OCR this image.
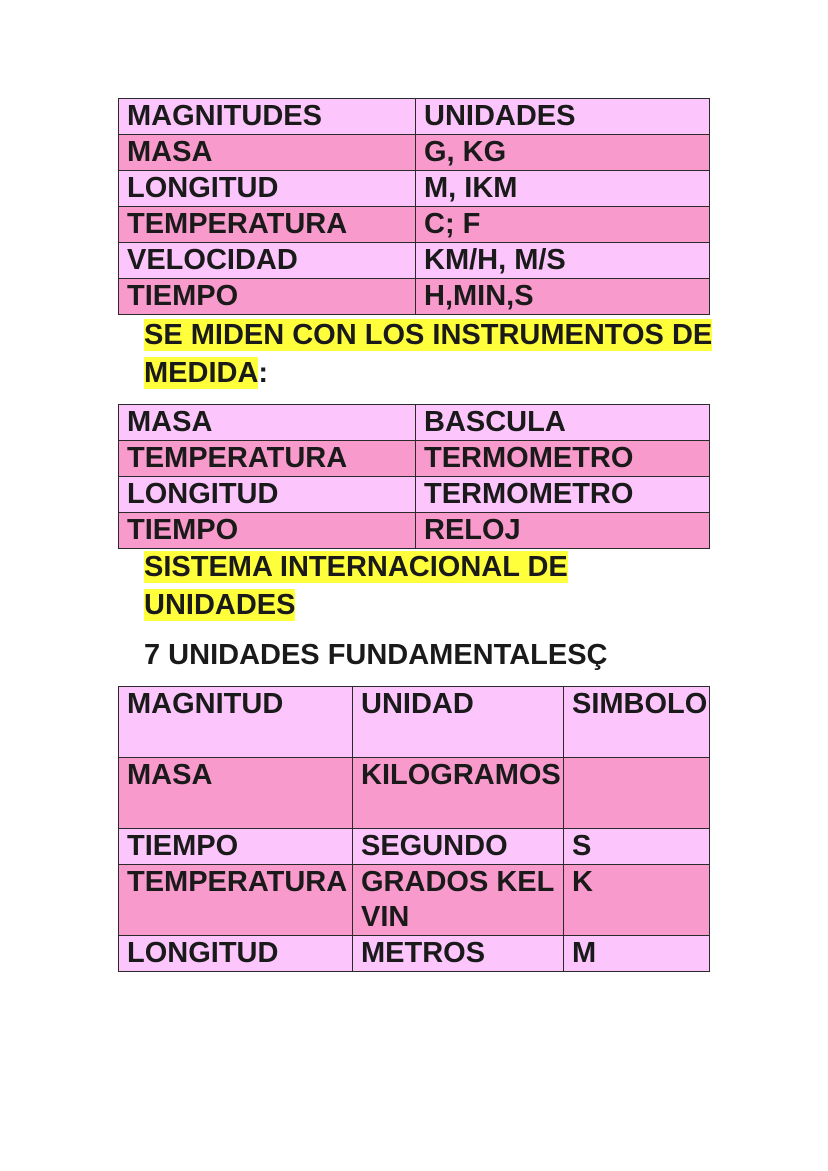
MAGNITUDES	UNIDADES
MASA	G, KG
LONGITUD	M, IKM
TEMPERATURA	C; F
VELOCIDAD	KM/H, M/S
TIEMPO	H,MIN,S
SE MIDEN CON LOS INSTRUMENTOS DE MEDIDA:
MASA	BASCULA
TEMPERATURA	TERMOMETRO
LONGITUD	TERMOMETRO
TIEMPO	RELOJ
SISTEMA INTERNACIONAL DE UNIDADES
7 UNIDADES FUNDAMENTALESÇ
MAGNITUD	UNIDAD	SIMBOLO
MASA	KILOGRAMOS	
TIEMPO	SEGUNDO	S
TEMPERATURA	GRADOS KELVIN	K
LONGITUD	METROS	M
